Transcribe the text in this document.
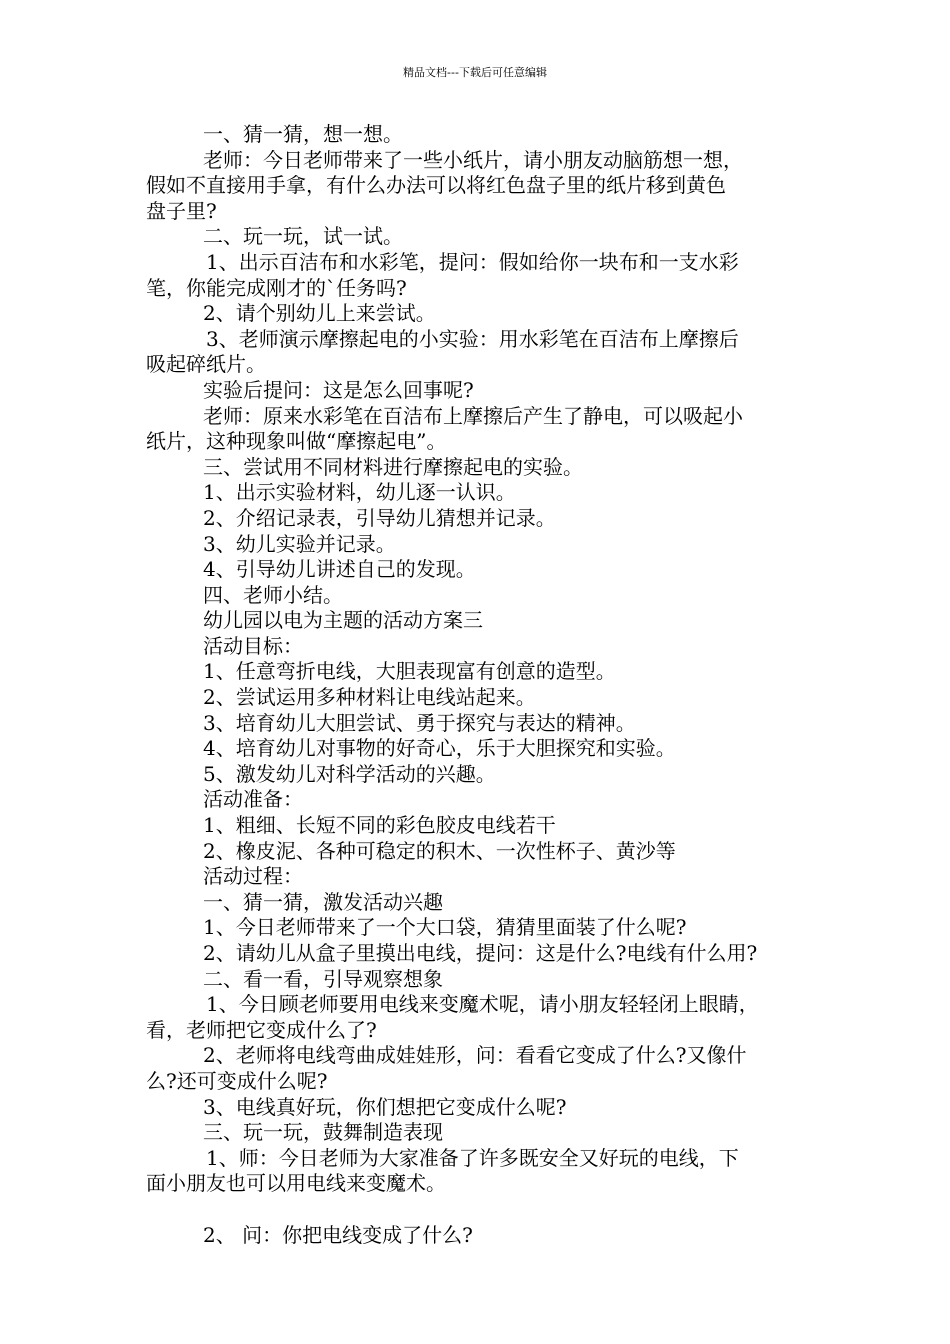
精品文档---下载后可任意编辑
一、猜一猜，想一想。
老师：今日老师带来了一些小纸片，请小朋友动脑筋想一想，
假如不直接用手拿，有什么办法可以将红色盘子里的纸片移到黄色
盘子里?
二、玩一玩，试一试。
1、出示百洁布和水彩笔，提问：假如给你一块布和一支水彩
笔，你能完成刚才的`任务吗?
2、请个别幼儿上来尝试。
3、老师演示摩擦起电的小实验：用水彩笔在百洁布上摩擦后
吸起碎纸片。
实验后提问：这是怎么回事呢?
老师：原来水彩笔在百洁布上摩擦后产生了静电，可以吸起小
纸片，这种现象叫做“摩擦起电”。
三、尝试用不同材料进行摩擦起电的实验。
1、出示实验材料，幼儿逐一认识。
2、介绍记录表，引导幼儿猜想并记录。
3、幼儿实验并记录。
4、引导幼儿讲述自己的发现。
四、老师小结。
幼儿园以电为主题的活动方案三
活动目标：
1、任意弯折电线，大胆表现富有创意的造型。
2、尝试运用多种材料让电线站起来。
3、培育幼儿大胆尝试、勇于探究与表达的精神。
4、培育幼儿对事物的好奇心，乐于大胆探究和实验。
5、激发幼儿对科学活动的兴趣。
活动准备：
1、粗细、长短不同的彩色胶皮电线若干
2、橡皮泥、各种可稳定的积木、一次性杯子、黄沙等
活动过程：
一、猜一猜，激发活动兴趣
1、今日老师带来了一个大口袋，猜猜里面装了什么呢?
2、请幼儿从盒子里摸出电线，提问：这是什么?电线有什么用?
二、看一看，引导观察想象
1、今日顾老师要用电线来变魔术呢，请小朋友轻轻闭上眼睛，
看，老师把它变成什么了?
2、老师将电线弯曲成娃娃形，问：看看它变成了什么?又像什
么?还可变成什么呢?
3、电线真好玩，你们想把它变成什么呢?
三、玩一玩，鼓舞制造表现
1、师：今日老师为大家准备了许多既安全又好玩的电线，下
面小朋友也可以用电线来变魔术。
2、 问：你把电线变成了什么?
